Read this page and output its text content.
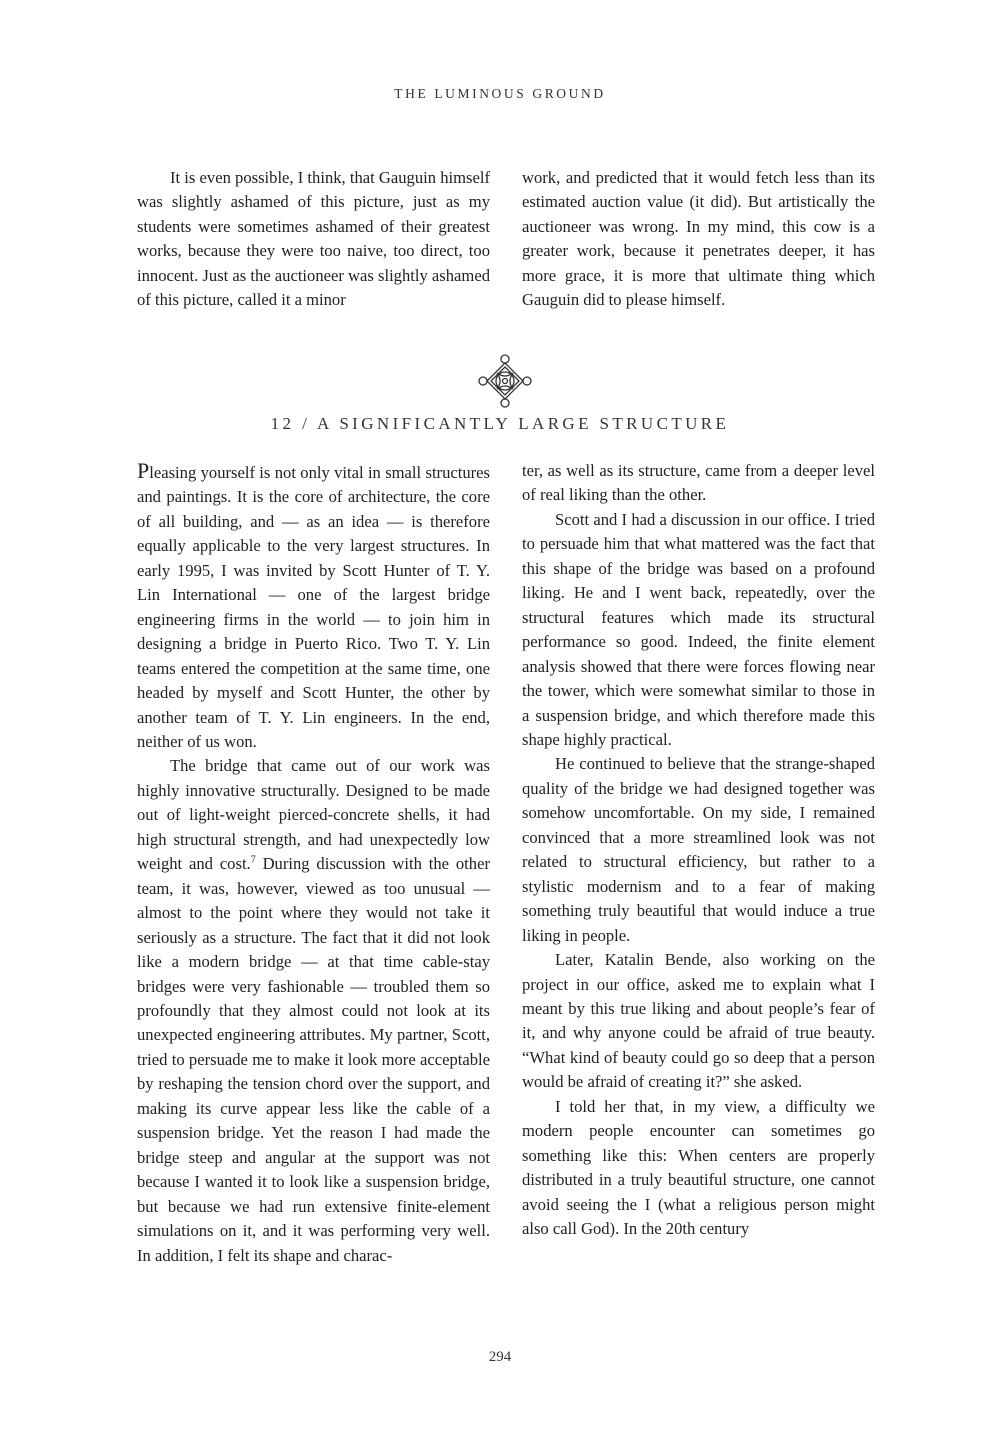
THE LUMINOUS GROUND

It is even possible, I think, that Gauguin himself was slightly ashamed of this picture, just as my students were sometimes ashamed of their greatest works, because they were too naive, too direct, too innocent. Just as the auctioneer was slightly ashamed of this picture, called it a minor

work, and predicted that it would fetch less than its estimated auction value (it did). But artistically the auctioneer was wrong. In my mind, this cow is a greater work, because it penetrates deeper, it has more grace, it is more that ultimate thing which Gauguin did to please himself.

12 / A SIGNIFICANTLY LARGE STRUCTURE

Pleasing yourself is not only vital in small structures and paintings. It is the core of architecture, the core of all building, and — as an idea — is therefore equally applicable to the very largest structures. In early 1995, I was invited by Scott Hunter of T. Y. Lin International — one of the largest bridge engineering firms in the world — to join him in designing a bridge in Puerto Rico. Two T. Y. Lin teams entered the competition at the same time, one headed by myself and Scott Hunter, the other by another team of T. Y. Lin engineers. In the end, neither of us won.

The bridge that came out of our work was highly innovative structurally. Designed to be made out of light-weight pierced-concrete shells, it had high structural strength, and had unexpectedly low weight and cost.$^7$ During discussion with the other team, it was, however, viewed as too unusual — almost to the point where they would not take it seriously as a structure. The fact that it did not look like a modern bridge — at that time cable-stay bridges were very fashionable — troubled them so profoundly that they almost could not look at its unexpected engineering attributes. My partner, Scott, tried to persuade me to make it look more acceptable by reshaping the tension chord over the support, and making its curve appear less like the cable of a suspension bridge. Yet the reason I had made the bridge steep and angular at the support was not because I wanted it to look like a suspension bridge, but because we had run extensive finite-element simulations on it, and it was performing very well. In addition, I felt its shape and charac-

ter, as well as its structure, came from a deeper level of real liking than the other.

Scott and I had a discussion in our office. I tried to persuade him that what mattered was the fact that this shape of the bridge was based on a profound liking. He and I went back, repeatedly, over the structural features which made its structural performance so good. Indeed, the finite element analysis showed that there were forces flowing near the tower, which were somewhat similar to those in a suspension bridge, and which therefore made this shape highly practical.

He continued to believe that the strange-shaped quality of the bridge we had designed together was somehow uncomfortable. On my side, I remained convinced that a more streamlined look was not related to structural efficiency, but rather to a stylistic modernism and to a fear of making something truly beautiful that would induce a true liking in people.

Later, Katalin Bende, also working on the project in our office, asked me to explain what I meant by this true liking and about people’s fear of it, and why anyone could be afraid of true beauty. “What kind of beauty could go so deep that a person would be afraid of creating it?” she asked.

I told her that, in my view, a difficulty we modern people encounter can sometimes go something like this: When centers are properly distributed in a truly beautiful structure, one cannot avoid seeing the I (what a religious person might also call God). In the 20th century

294
